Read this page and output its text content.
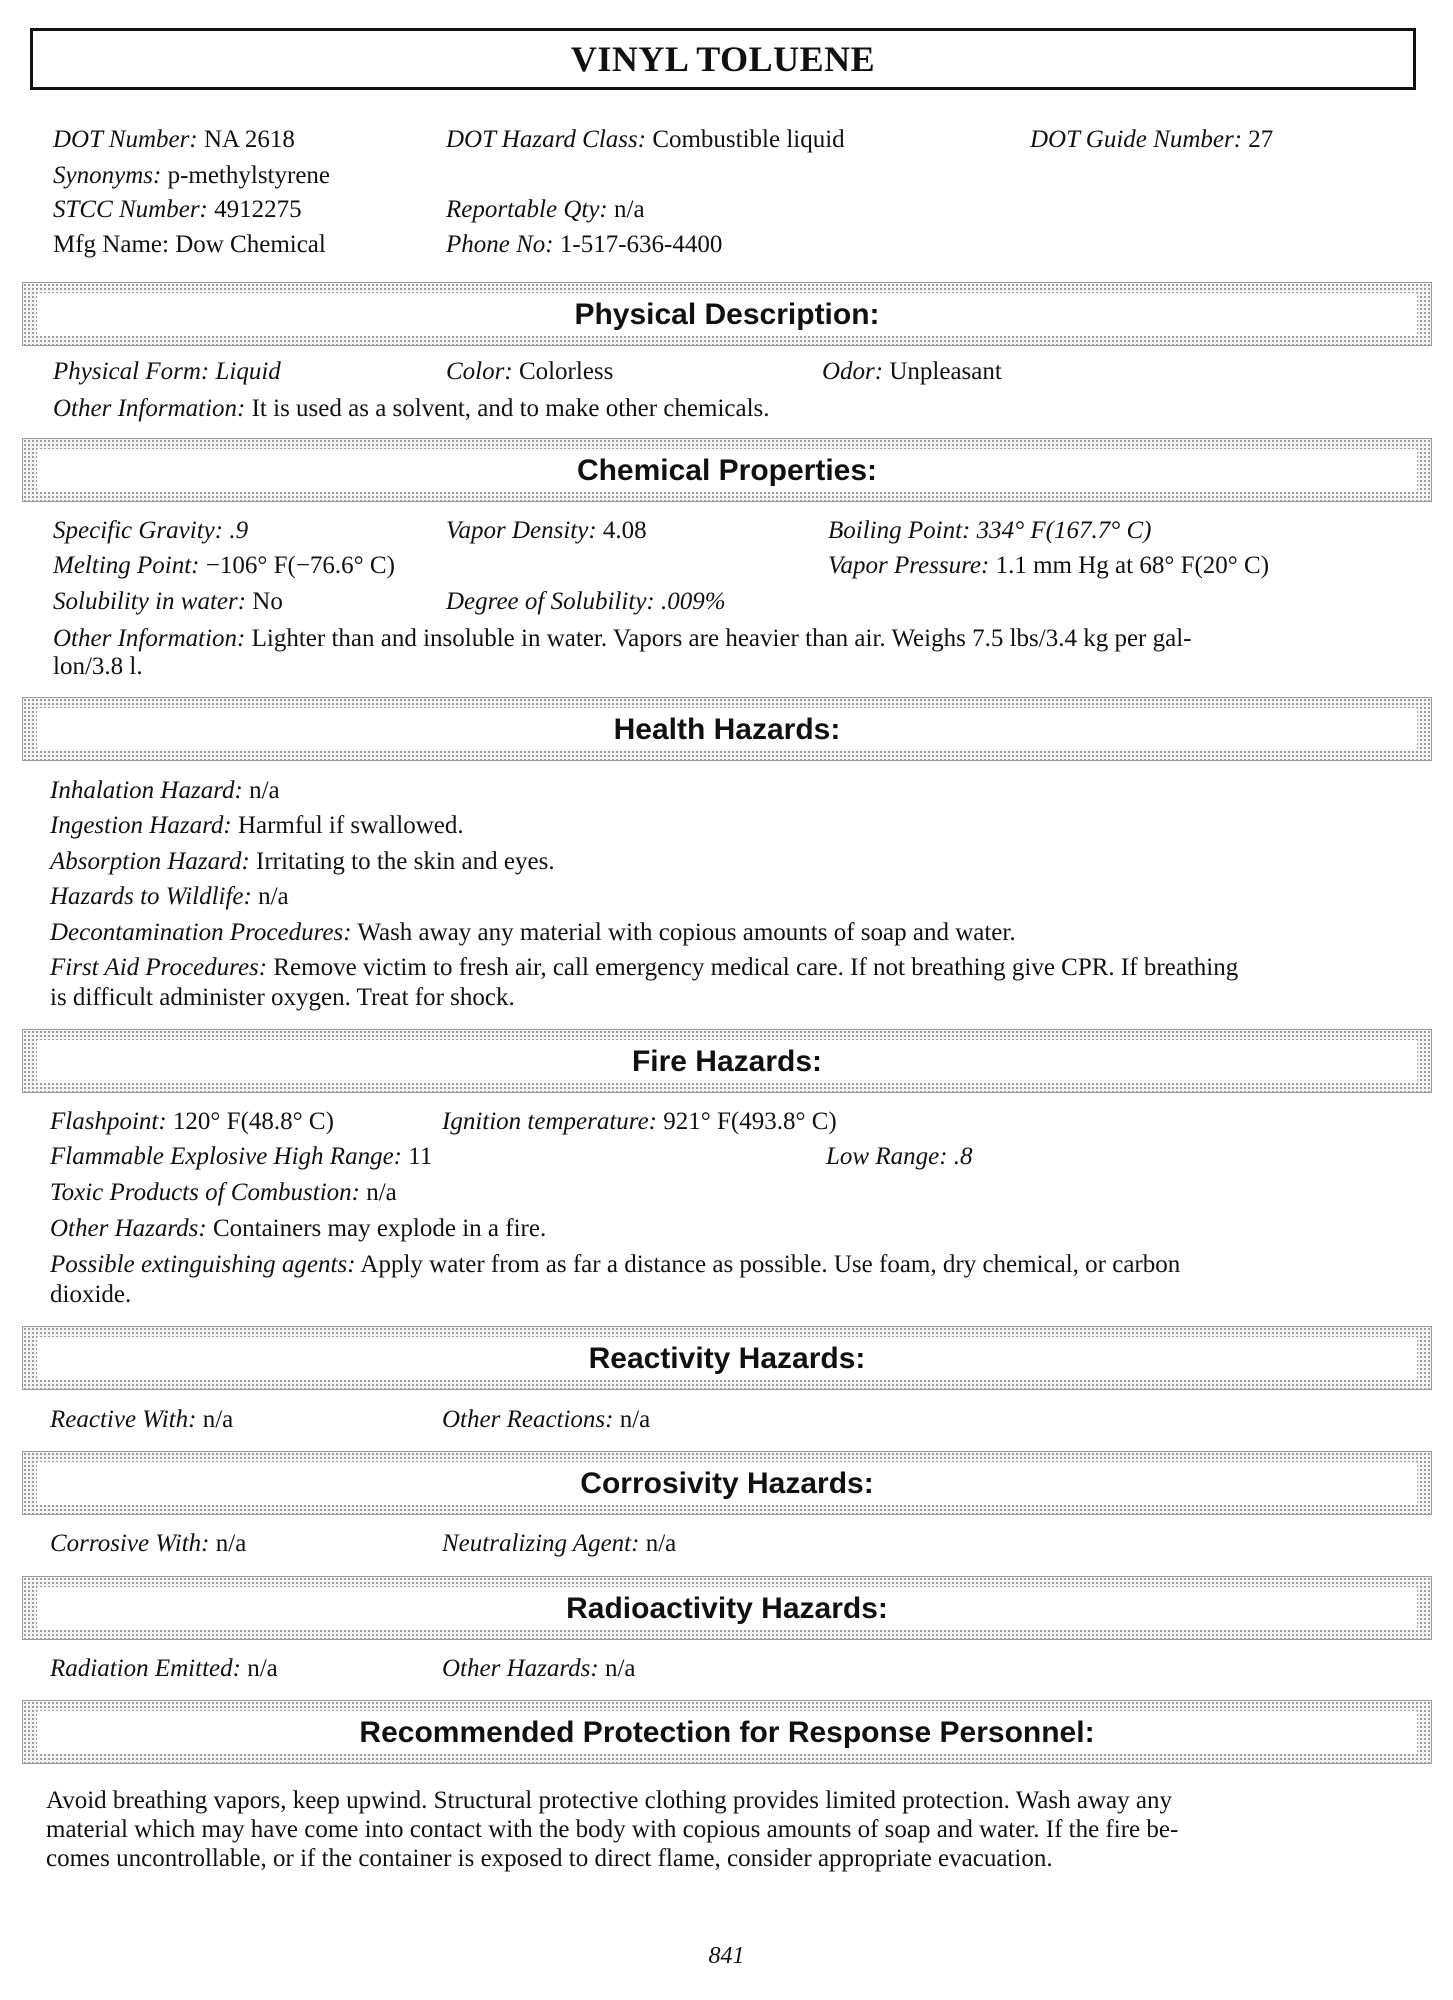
VINYL TOLUENE
DOT Number: NA 2618	DOT Hazard Class: Combustible liquid	DOT Guide Number: 27
Synonyms: p-methylstyrene
STCC Number: 4912275	Reportable Qty: n/a
Mfg Name: Dow Chemical	Phone No: 1-517-636-4400
Physical Description:
Physical Form: Liquid	Color: Colorless	Odor: Unpleasant
Other Information: It is used as a solvent, and to make other chemicals.
Chemical Properties:
Specific Gravity: .9	Vapor Density: 4.08	Boiling Point: 334° F(167.7° C)
Melting Point: −106° F(−76.6° C)	Vapor Pressure: 1.1 mm Hg at 68° F(20° C)
Solubility in water: No	Degree of Solubility: .009%
Other Information: Lighter than and insoluble in water. Vapors are heavier than air. Weighs 7.5 lbs/3.4 kg per gal-
lon/3.8 l.
Health Hazards:
Inhalation Hazard: n/a
Ingestion Hazard: Harmful if swallowed.
Absorption Hazard: Irritating to the skin and eyes.
Hazards to Wildlife: n/a
Decontamination Procedures: Wash away any material with copious amounts of soap and water.
First Aid Procedures: Remove victim to fresh air, call emergency medical care. If not breathing give CPR. If breathing
is difficult administer oxygen. Treat for shock.
Fire Hazards:
Flashpoint: 120° F(48.8° C)	Ignition temperature: 921° F(493.8° C)
Flammable Explosive High Range: 11	Low Range: .8
Toxic Products of Combustion: n/a
Other Hazards: Containers may explode in a fire.
Possible extinguishing agents: Apply water from as far a distance as possible. Use foam, dry chemical, or carbon
dioxide.
Reactivity Hazards:
Reactive With: n/a	Other Reactions: n/a
Corrosivity Hazards:
Corrosive With: n/a	Neutralizing Agent: n/a
Radioactivity Hazards:
Radiation Emitted: n/a	Other Hazards: n/a
Recommended Protection for Response Personnel:
Avoid breathing vapors, keep upwind. Structural protective clothing provides limited protection. Wash away any
material which may have come into contact with the body with copious amounts of soap and water. If the fire be-
comes uncontrollable, or if the container is exposed to direct flame, consider appropriate evacuation.
841
